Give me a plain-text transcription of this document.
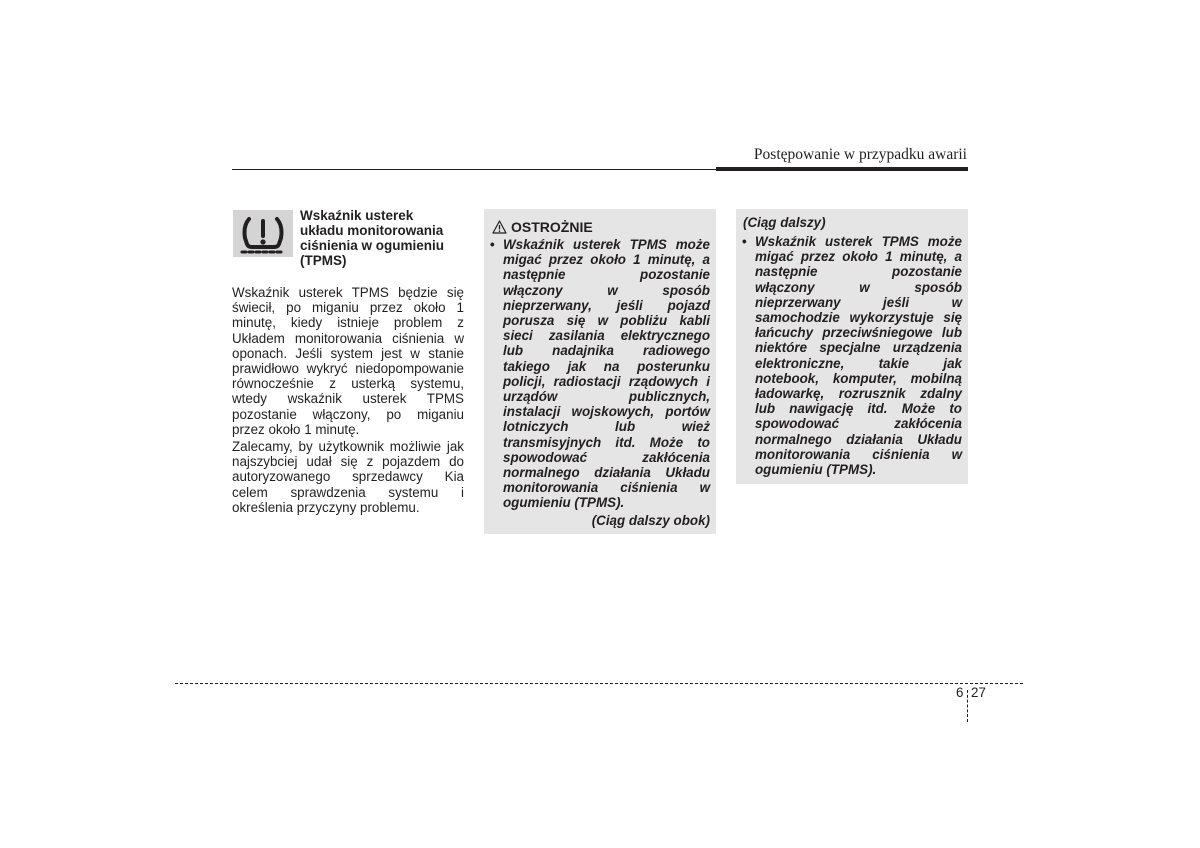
Postępowanie w przypadku awarii
Wskaźnik usterek
układu monitorowania
ciśnienia w ogumieniu
(TPMS)
Wskaźnik usterek TPMS będzie się
świecił, po miganiu przez około 1
minutę, kiedy istnieje problem z
Układem monitorowania ciśnienia w
oponach. Jeśli system jest w stanie
prawidłowo wykryć niedopompowanie
równocześnie z usterką systemu,
wtedy wskaźnik usterek TPMS
pozostanie włączony, po miganiu
przez około 1 minutę.
Zalecamy, by użytkownik możliwie jak
najszybciej udał się z pojazdem do
autoryzowanego sprzedawcy Kia
celem sprawdzenia systemu i
określenia przyczyny problemu.
OSTROŻNIE
• Wskaźnik usterek TPMS może
migać przez około 1 minutę, a
następnie pozostanie
włączony w sposób
nieprzerwany, jeśli pojazd
porusza się w pobliżu kabli
sieci zasilania elektrycznego
lub nadajnika radiowego
takiego jak na posterunku
policji, radiostacji rządowych i
urządów publicznych,
instalacji wojskowych, portów
lotniczych lub wież
transmisyjnych itd. Może to
spowodować zakłócenia
normalnego działania Układu
monitorowania ciśnienia w
ogumieniu (TPMS).
(Ciąg dalszy obok)
(Ciąg dalszy)
• Wskaźnik usterek TPMS może
migać przez około 1 minutę, a
następnie pozostanie
włączony w sposób
nieprzerwany jeśli w
samochodzie wykorzystuje się
łańcuchy przeciwśniegowe lub
niektóre specjalne urządzenia
elektroniczne, takie jak
notebook, komputer, mobilną
ładowarkę, rozrusznik zdalny
lub nawigację itd. Może to
spowodować zakłócenia
normalnego działania Układu
monitorowania ciśnienia w
ogumieniu (TPMS).
6 27
